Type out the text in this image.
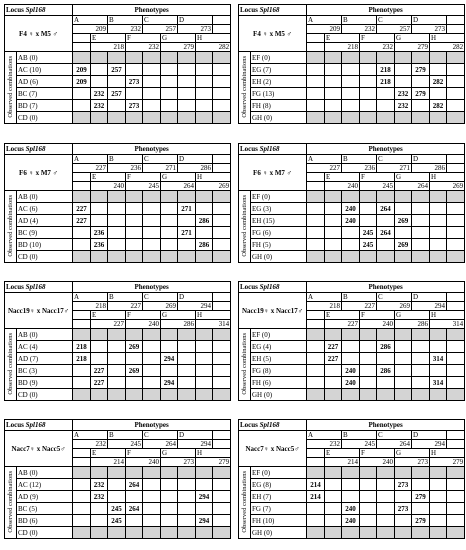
Locus Spl168		Phenotypes								
F4 ♀ x M5 ♂		A		B		C		D		
		209		232		257		273		
			E		F		G		H	
			218		232		279		282	
Observed combinations	AB (0)									
	AC (10)	209		257						
	AD (6)	209			273					
	BC (7)		232	257						
	BD (7)		232		273					
	CD (0)									
Locus Spl168		Phenotypes								
F4 ♀ x M5 ♂		A		B		C		D		
		209		232		257		273		
			E		F		G		H	
			218		232		279		282	
Observed combinations	EF (0)									
	EG (7)					218		279		
	EH (2)					218			282	
	FG (13)						232	279		
	FH (8)						232		282	
	GH (0)									
Locus Spl168		Phenotypes								
F6 ♀ x M7 ♂		A		B		C		D		
		227		236		271		286		
			E		F		G		H	
			240		245		264		269	
Observed combinations	AB (0)									
	AC (6)	227						271		
	AD (4)	227							286	
	BC (9)		236					271		
	BD (10)		236						286	
	CD (0)									
Locus Spl168		Phenotypes								
F6 ♀ x M7 ♂		A		B		C		D		
		227		236		271		286		
			E		F		G		H	
			240		245		264		269	
Observed combinations	EF (0)									
	EG (3)			240		264				
	EH (15)			240			269			
	FG (6)				245	264				
	FH (5)				245		269			
	GH (0)									
Locus Spl168		Phenotypes								
Nacc19♀ x Nacc17♂		A		B		C		D		
		218		227		269		294		
			E		F		G		H	
			227		240		286		314	
Observed combinations	AB (0)									
	AC (4)	218			269					
	AD (7)	218					294			
	BC (3)		227		269					
	BD (9)		227				294			
	CD (0)									
Locus Spl168		Phenotypes								
Nacc19♀ x Nacc17♂		A		B		C		D		
		218		227		269		294		
			E		F		G		H	
			227		240		286		314	
Observed combinations	EF (0)									
	EG (4)		227			286				
	EH (5)		227						314	
	FG (8)			240		286				
	FH (6)			240					314	
	GH (0)									
Locus Spl168		Phenotypes								
Nacc7♀ x Nacc5♂		A		B		C		D		
		232		245		264		294		
			E		F		G		H	
			214		240		273		279	
Observed combinations	AB (0)									
	AC (12)		232		264					
	AD (9)		232						294	
	BC (5)			245	264					
	BD (6)			245					294	
	CD (0)									
Locus Spl168		Phenotypes								
Nacc7♀ x Nacc5♂		A		B		C		D		
		232		245		264		294		
			E		F		G		H	
			214		240		273		279	
Observed combinations	EF (0)									
	EG (8)	214					273			
	EH (7)	214						279		
	FG (7)			240			273			
	FH (10)			240				279		
	GH (0)									
